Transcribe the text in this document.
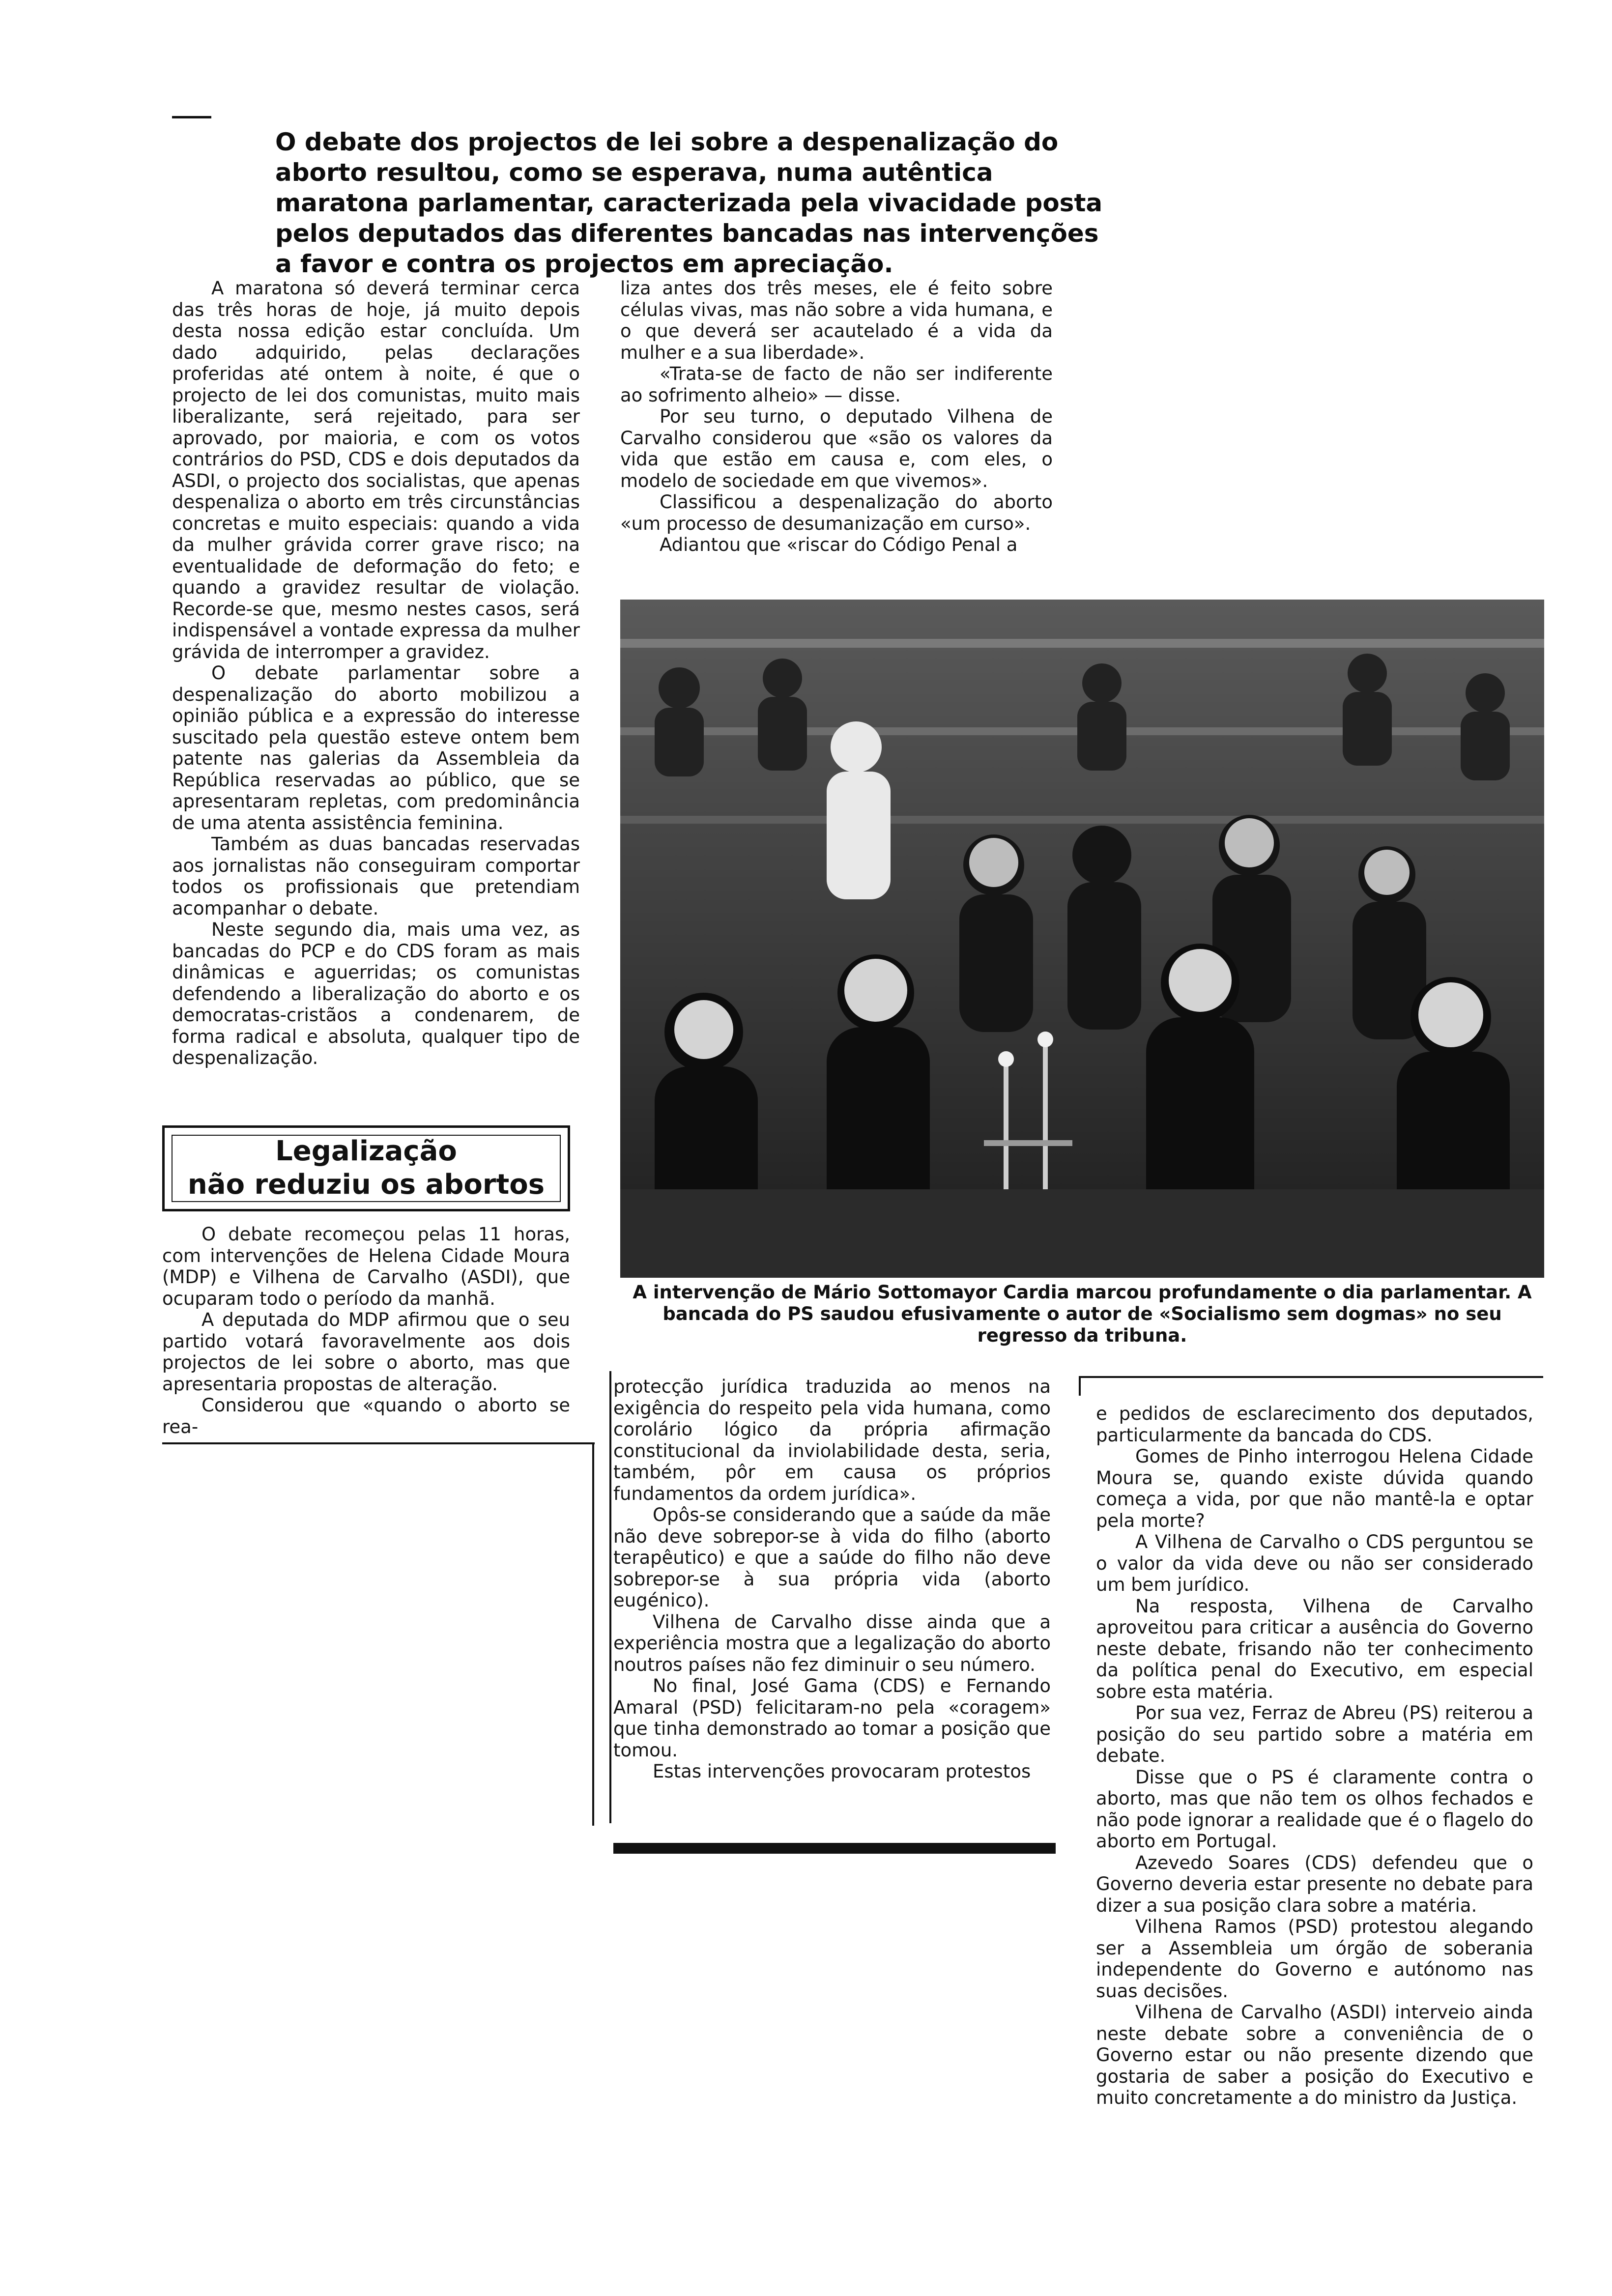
O debate dos projectos de lei sobre a despenalização do aborto resultou, como se esperava, numa autêntica maratona parlamentar, caracterizada pela vivacidade posta pelos deputados das diferentes bancadas nas intervenções a favor e contra os projectos em apreciação.

A maratona só deverá terminar cerca das três horas de hoje, já muito depois desta nossa edição estar concluída. Um dado adquirido, pelas declarações proferidas até ontem à noite, é que o projecto de lei dos comunistas, muito mais liberalizante, será rejeitado, para ser aprovado, por maioria, e com os votos contrários do PSD, CDS e dois deputados da ASDI, o projecto dos socialistas, que apenas despenaliza o aborto em três circunstâncias concretas e muito especiais: quando a vida da mulher grávida correr grave risco; na eventualidade de deformação do feto; e quando a gravidez resultar de violação. Recorde-se que, mesmo nestes casos, será indispensável a vontade expressa da mulher grávida de interromper a gravidez.

O debate parlamentar sobre a despenalização do aborto mobilizou a opinião pública e a expressão do interesse suscitado pela questão esteve ontem bem patente nas galerias da Assembleia da República reservadas ao público, que se apresentaram repletas, com predominância de uma atenta assistência feminina.

Também as duas bancadas reservadas aos jornalistas não conseguiram comportar todos os profissionais que pretendiam acompanhar o debate.

Neste segundo dia, mais uma vez, as bancadas do PCP e do CDS foram as mais dinâmicas e aguerridas; os comunistas defendendo a liberalização do aborto e os democratas-cristãos a condenarem, de forma radical e absoluta, qualquer tipo de despenalização.

Legalização
não reduziu os abortos

O debate recomeçou pelas 11 horas, com intervenções de Helena Cidade Moura (MDP) e Vilhena de Carvalho (ASDI), que ocuparam todo o período da manhã.

A deputada do MDP afirmou que o seu partido votará favoravelmente aos dois projectos de lei sobre o aborto, mas que apresentaria propostas de alteração.

Considerou que «quando o aborto se rea-

liza antes dos três meses, ele é feito sobre células vivas, mas não sobre a vida humana, e o que deverá ser acautelado é a vida da mulher e a sua liberdade».

«Trata-se de facto de não ser indiferente ao sofrimento alheio» — disse.

Por seu turno, o deputado Vilhena de Carvalho considerou que «são os valores da vida que estão em causa e, com eles, o modelo de sociedade em que vivemos».

Classificou a despenalização do aborto «um processo de desumanização em curso».

Adiantou que «riscar do Código Penal a

A intervenção de Mário Sottomayor Cardia marcou profundamente o dia parlamentar. A bancada do PS saudou efusivamente o autor de «Socialismo sem dogmas» no seu regresso da tribuna.

protecção jurídica traduzida ao menos na exigência do respeito pela vida humana, como corolário lógico da própria afirmação constitucional da inviolabilidade desta, seria, também, pôr em causa os próprios fundamentos da ordem jurídica».

Opôs-se considerando que a saúde da mãe não deve sobrepor-se à vida do filho (aborto terapêutico) e que a saúde do filho não deve sobrepor-se à sua própria vida (aborto eugénico).

Vilhena de Carvalho disse ainda que a experiência mostra que a legalização do aborto noutros países não fez diminuir o seu número.

No final, José Gama (CDS) e Fernando Amaral (PSD) felicitaram-no pela «coragem» que tinha demonstrado ao tomar a posição que tomou.

Estas intervenções provocaram protestos

e pedidos de esclarecimento dos deputados, particularmente da bancada do CDS.

Gomes de Pinho interrogou Helena Cidade Moura se, quando existe dúvida quando começa a vida, por que não mantê-la e optar pela morte?

A Vilhena de Carvalho o CDS perguntou se o valor da vida deve ou não ser considerado um bem jurídico.

Na resposta, Vilhena de Carvalho aproveitou para criticar a ausência do Governo neste debate, frisando não ter conhecimento da política penal do Executivo, em especial sobre esta matéria.

Por sua vez, Ferraz de Abreu (PS) reiterou a posição do seu partido sobre a matéria em debate.

Disse que o PS é claramente contra o aborto, mas que não tem os olhos fechados e não pode ignorar a realidade que é o flagelo do aborto em Portugal.

Azevedo Soares (CDS) defendeu que o Governo deveria estar presente no debate para dizer a sua posição clara sobre a matéria.

Vilhena Ramos (PSD) protestou alegando ser a Assembleia um órgão de soberania independente do Governo e autónomo nas suas decisões.

Vilhena de Carvalho (ASDI) interveio ainda neste debate sobre a conveniência de o Governo estar ou não presente dizendo que gostaria de saber a posição do Executivo e muito concretamente a do ministro da Justiça.
